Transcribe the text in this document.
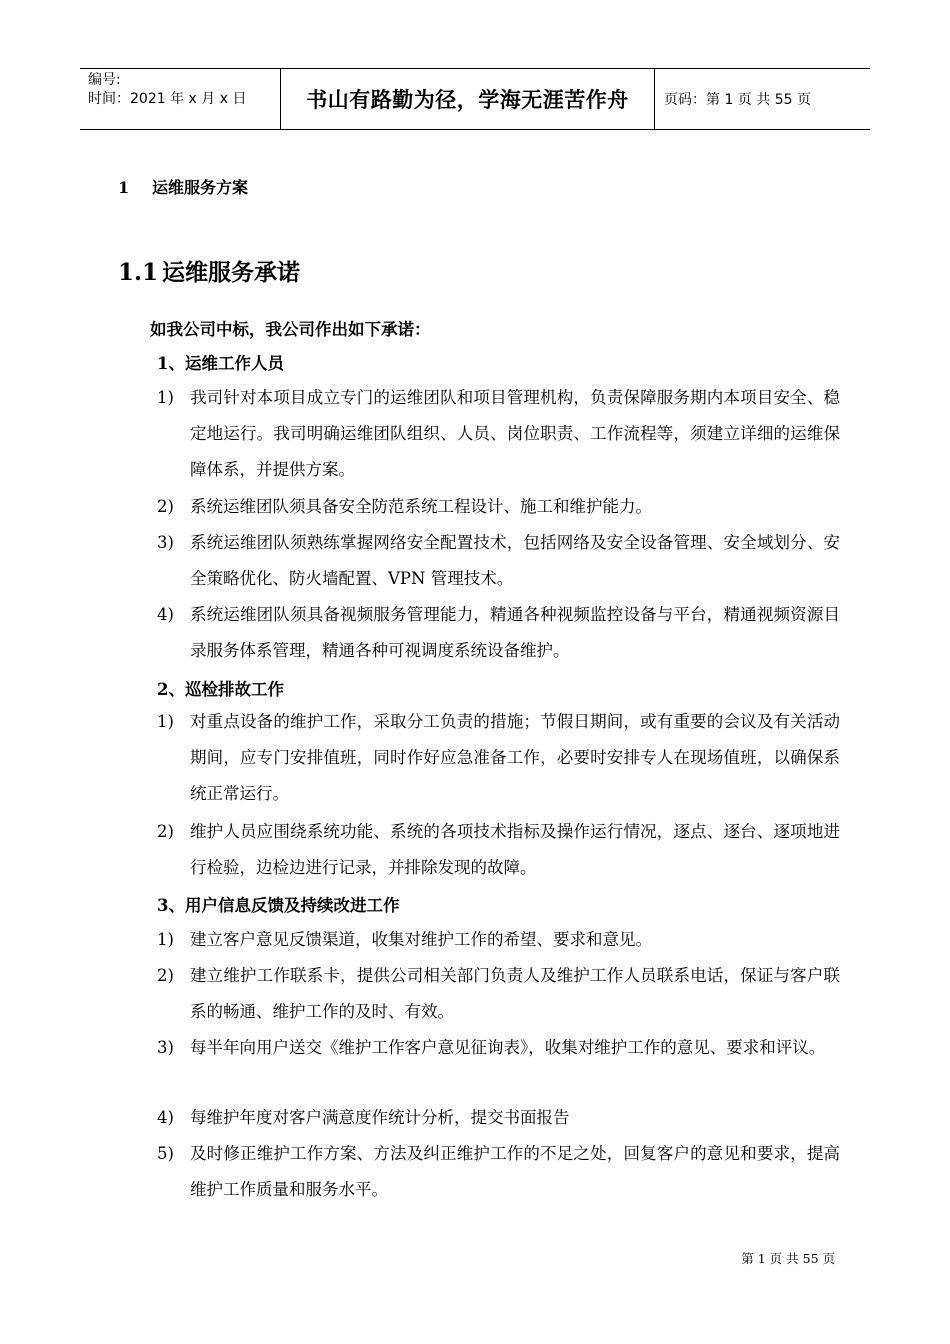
编号:
时间：2021 年 x 月 x 日	书山有路勤为径，学海无涯苦作舟	页码：第 1 页 共 55 页
1 运维服务方案
1.1 运维服务承诺
如我公司中标，我公司作出如下承诺：
1、运维工作人员
1) 我司针对本项目成立专门的运维团队和项目管理机构，负责保障服务期内本项目安全、稳定地运行。我司明确运维团队组织、人员、岗位职责、工作流程等，须建立详细的运维保障体系，并提供方案。
2) 系统运维团队须具备安全防范系统工程设计、施工和维护能力。
3) 系统运维团队须熟练掌握网络安全配置技术，包括网络及安全设备管理、安全域划分、安全策略优化、防火墙配置、VPN 管理技术。
4) 系统运维团队须具备视频服务管理能力，精通各种视频监控设备与平台，精通视频资源目录服务体系管理，精通各种可视调度系统设备维护。
2、巡检排故工作
1) 对重点设备的维护工作，采取分工负责的措施；节假日期间，或有重要的会议及有关活动期间，应专门安排值班，同时作好应急准备工作，必要时安排专人在现场值班，以确保系统正常运行。
2) 维护人员应围绕系统功能、系统的各项技术指标及操作运行情况，逐点、逐台、逐项地进行检验，边检边进行记录，并排除发现的故障。
3、用户信息反馈及持续改进工作
1) 建立客户意见反馈渠道，收集对维护工作的希望、要求和意见。
2) 建立维护工作联系卡，提供公司相关部门负责人及维护工作人员联系电话，保证与客户联系的畅通、维护工作的及时、有效。
3) 每半年向用户送交《维护工作客户意见征询表》，收集对维护工作的意见、要求和评议。
4) 每维护年度对客户满意度作统计分析，提交书面报告
5) 及时修正维护工作方案、方法及纠正维护工作的不足之处，回复客户的意见和要求，提高维护工作质量和服务水平。
第 1 页 共 55 页
